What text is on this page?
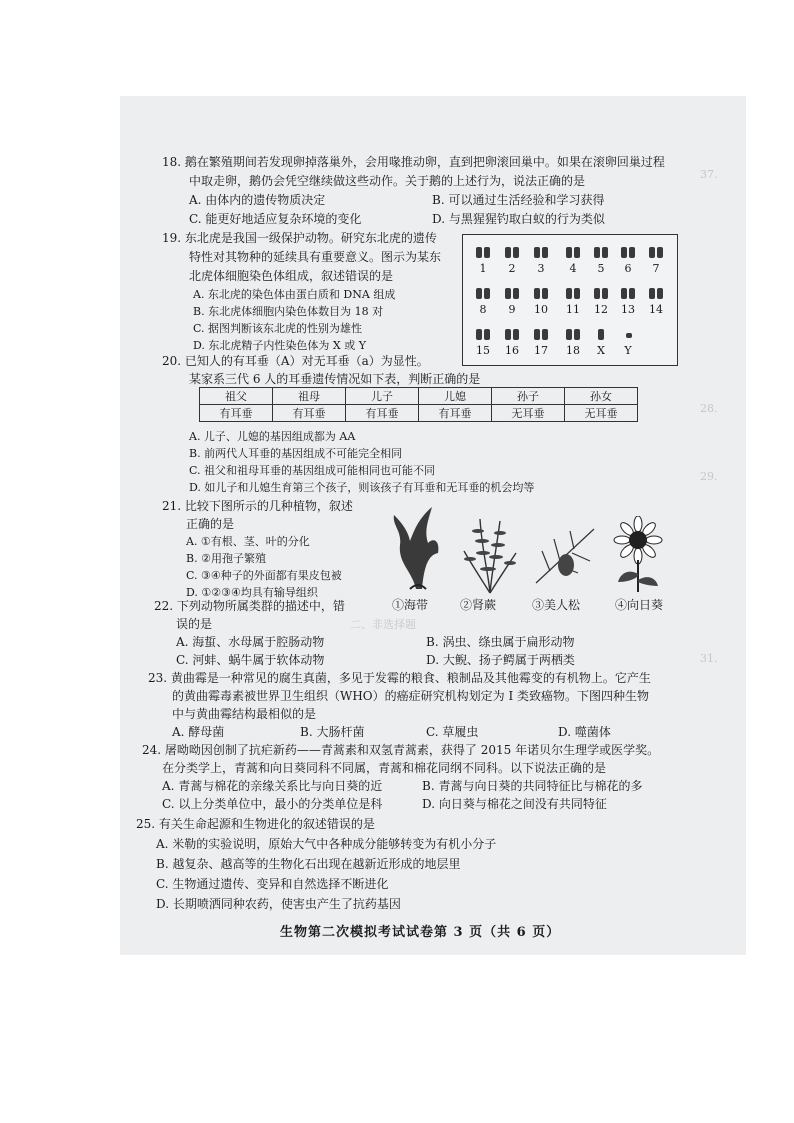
37.
28.
29.
二、非选择题
31.
18. 鹅在繁殖期间若发现卵掉落巢外，会用喙推动卵，直到把卵滚回巢中。如果在滚卵回巢过程
中取走卵，鹅仍会凭空继续做这些动作。关于鹅的上述行为，说法正确的是
A. 由体内的遗传物质决定	B. 可以通过生活经验和学习获得
C. 能更好地适应复杂环境的变化	D. 与黑猩猩钓取白蚁的行为类似
19. 东北虎是我国一级保护动物。研究东北虎的遗传
特性对其物种的延续具有重要意义。图示为某东
北虎体细胞染色体组成，叙述错误的是
A. 东北虎的染色体由蛋白质和 DNA 组成
B. 东北虎体细胞内染色体数目为 18 对
C. 据图判断该东北虎的性别为雄性
D. 东北虎精子内性染色体为 X 或 Y
1	2	3	4	5	6	7
8	9	10 11 12 13 14
15 16 17 18	X	Y
20. 已知人的有耳垂（A）对无耳垂（a）为显性。
某家系三代 6 人的耳垂遗传情况如下表，判断正确的是
祖父	祖母	儿子	儿媳	孙子	孙女
有耳垂	有耳垂	有耳垂	有耳垂	无耳垂	无耳垂
A. 儿子、儿媳的基因组成都为 AA
B. 前两代人耳垂的基因组成不可能完全相同
C. 祖父和祖母耳垂的基因组成可能相同也可能不同
D. 如儿子和儿媳生育第三个孩子，则该孩子有耳垂和无耳垂的机会均等
21. 比较下图所示的几种植物，叙述
正确的是
A. ①有根、茎、叶的分化
B. ②用孢子繁殖
C. ③④种子的外面都有果皮包被
D. ①②③④均具有输导组织
①海带	②肾蕨	③美人松	④向日葵
22. 下列动物所属类群的描述中，错
误的是
A. 海蜇、水母属于腔肠动物	B. 涡虫、绦虫属于扁形动物
C. 河蚌、蜗牛属于软体动物	D. 大鲵、扬子鳄属于两栖类
23. 黄曲霉是一种常见的腐生真菌，多见于发霉的粮食、粮制品及其他霉变的有机物上。它产生
的黄曲霉毒素被世界卫生组织（WHO）的癌症研究机构划定为 I 类致癌物。下图四种生物
中与黄曲霉结构最相似的是
A. 酵母菌	B. 大肠杆菌	C. 草履虫	D. 噬菌体
24. 屠呦呦因创制了抗疟新药——青蒿素和双氢青蒿素，获得了 2015 年诺贝尔生理学或医学奖。
在分类学上，青蒿和向日葵同科不同属，青蒿和棉花同纲不同科。以下说法正确的是
A. 青蒿与棉花的亲缘关系比与向日葵的近	B. 青蒿与向日葵的共同特征比与棉花的多
C. 以上分类单位中，最小的分类单位是科	D. 向日葵与棉花之间没有共同特征
25. 有关生命起源和生物进化的叙述错误的是
A. 米勒的实验说明，原始大气中各种成分能够转变为有机小分子
B. 越复杂、越高等的生物化石出现在越新近形成的地层里
C. 生物通过遗传、变异和自然选择不断进化
D. 长期喷洒同种农药，使害虫产生了抗药基因
生物第二次模拟考试试卷第 3 页（共 6 页）
